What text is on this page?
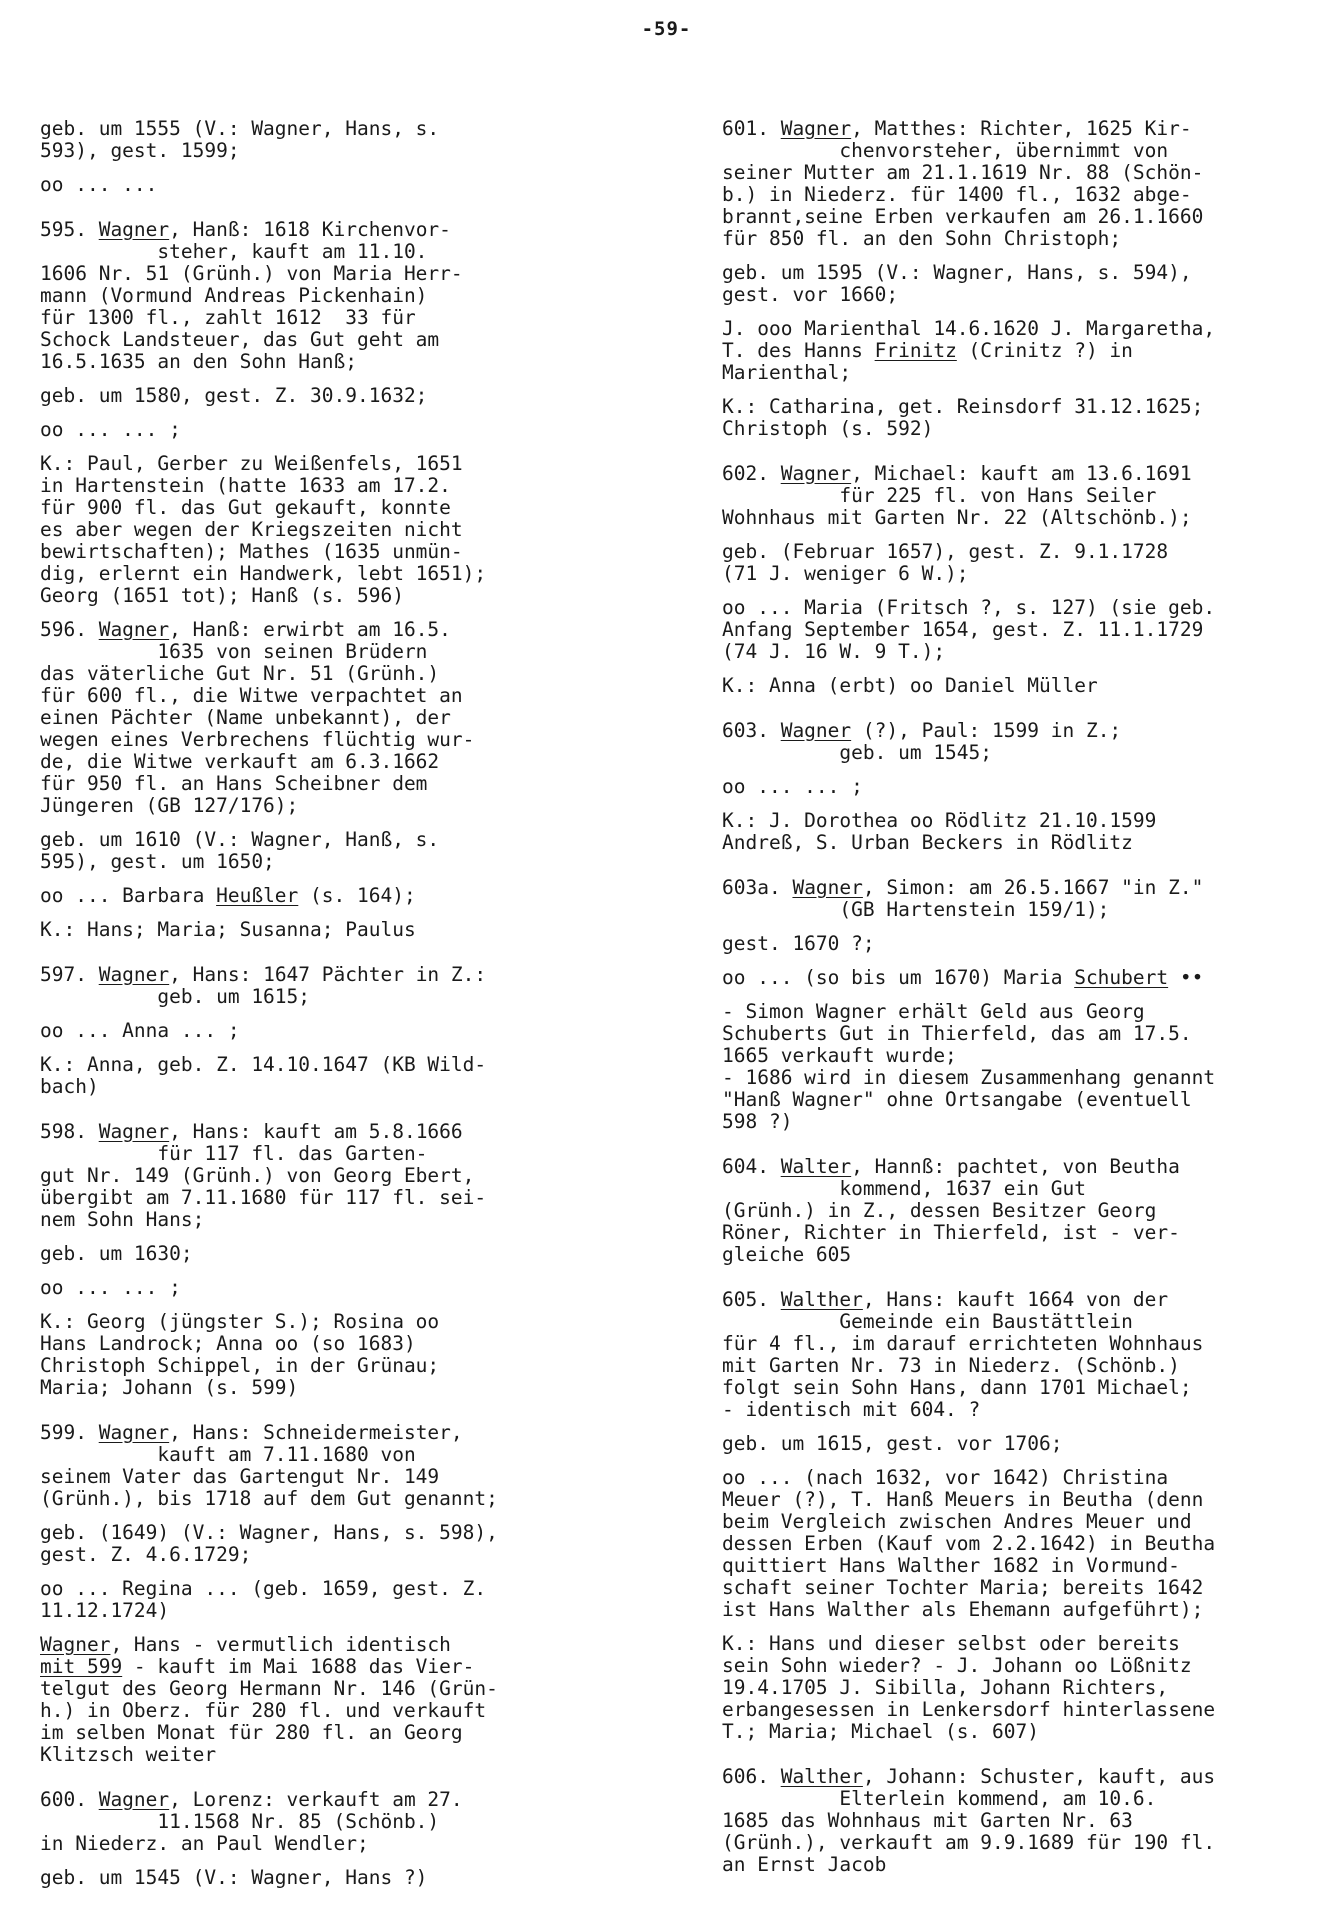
-59-
geb. um 1555 (V.: Wagner, Hans, s.
593), gest. 1599;
oo ... ...
595. Wagner, Hanß: 1618 Kirchenvor-
steher, kauft am 11.10.
1606 Nr. 51 (Grünh.) von Maria Herr-
mann (Vormund Andreas Pickenhain)
für 1300 fl., zahlt 1612  33 für
Schock Landsteuer, das Gut geht am
16.5.1635 an den Sohn Hanß;
geb. um 1580, gest. Z. 30.9.1632;
oo ... ... ;
K.: Paul, Gerber zu Weißenfels, 1651
in Hartenstein (hatte 1633 am 17.2.
für 900 fl. das Gut gekauft, konnte
es aber wegen der Kriegszeiten nicht
bewirtschaften); Mathes (1635 unmün-
dig, erlernt ein Handwerk, lebt 1651);
Georg (1651 tot); Hanß (s. 596)
596. Wagner, Hanß: erwirbt am 16.5.
1635 von seinen Brüdern
das väterliche Gut Nr. 51 (Grünh.)
für 600 fl., die Witwe verpachtet an
einen Pächter (Name unbekannt), der
wegen eines Verbrechens flüchtig wur-
de, die Witwe verkauft am 6.3.1662
für 950 fl. an Hans Scheibner dem
Jüngeren (GB 127/176);
geb. um 1610 (V.: Wagner, Hanß, s.
595), gest. um 1650;
oo ... Barbara Heußler (s. 164);
K.: Hans; Maria; Susanna; Paulus
597. Wagner, Hans: 1647 Pächter in Z.:
geb. um 1615;
oo ... Anna ... ;
K.: Anna, geb. Z. 14.10.1647 (KB Wild-
bach)
598. Wagner, Hans: kauft am 5.8.1666
für 117 fl. das Garten-
gut Nr. 149 (Grünh.) von Georg Ebert,
übergibt am 7.11.1680 für 117 fl. sei-
nem Sohn Hans;
geb. um 1630;
oo ... ... ;
K.: Georg (jüngster S.); Rosina oo
Hans Landrock; Anna oo (so 1683)
Christoph Schippel, in der Grünau;
Maria; Johann (s. 599)
599. Wagner, Hans: Schneidermeister,
kauft am 7.11.1680 von
seinem Vater das Gartengut Nr. 149
(Grünh.), bis 1718 auf dem Gut genannt;
geb. (1649) (V.: Wagner, Hans, s. 598),
gest. Z. 4.6.1729;
oo ... Regina ... (geb. 1659, gest. Z.
11.12.1724)
Wagner, Hans - vermutlich identisch
mit 599 - kauft im Mai 1688 das Vier-
telgut des Georg Hermann Nr. 146 (Grün-
h.) in Oberz. für 280 fl. und verkauft
im selben Monat für 280 fl. an Georg
Klitzsch weiter
600. Wagner, Lorenz: verkauft am 27.
11.1568 Nr. 85 (Schönb.)
in Niederz. an Paul Wendler;
geb. um 1545 (V.: Wagner, Hans ?)
601. Wagner, Matthes: Richter, 1625 Kir-
chenvorsteher, übernimmt von
seiner Mutter am 21.1.1619 Nr. 88 (Schön-
b.) in Niederz. für 1400 fl., 1632 abge-
brannt,seine Erben verkaufen am 26.1.1660
für 850 fl. an den Sohn Christoph;
geb. um 1595 (V.: Wagner, Hans, s. 594),
gest. vor 1660;
J. ooo Marienthal 14.6.1620 J. Margaretha,
T. des Hanns Frinitz (Crinitz ?) in
Marienthal;
K.: Catharina, get. Reinsdorf 31.12.1625;
Christoph (s. 592)
602. Wagner, Michael: kauft am 13.6.1691
für 225 fl. von Hans Seiler
Wohnhaus mit Garten Nr. 22 (Altschönb.);
geb. (Februar 1657), gest. Z. 9.1.1728
(71 J. weniger 6 W.);
oo ... Maria (Fritsch ?, s. 127) (sie geb.
Anfang September 1654, gest. Z. 11.1.1729
(74 J. 16 W. 9 T.);
K.: Anna (erbt) oo Daniel Müller
603. Wagner (?), Paul: 1599 in Z.;
geb. um 1545;
oo ... ... ;
K.: J. Dorothea oo Rödlitz 21.10.1599
Andreß, S. Urban Beckers in Rödlitz
603a. Wagner, Simon: am 26.5.1667 "in Z."
(GB Hartenstein 159/1);
gest. 1670 ?;
oo ... (so bis um 1670) Maria Schubert ••
- Simon Wagner erhält Geld aus Georg
Schuberts Gut in Thierfeld, das am 17.5.
1665 verkauft wurde;
- 1686 wird in diesem Zusammenhang genannt
"Hanß Wagner" ohne Ortsangabe (eventuell
598 ?)
604. Walter, Hannß: pachtet, von Beutha
kommend, 1637 ein Gut
(Grünh.) in Z., dessen Besitzer Georg
Röner, Richter in Thierfeld, ist - ver-
gleiche 605
605. Walther, Hans: kauft 1664 von der
Gemeinde ein Baustättlein
für 4 fl., im darauf errichteten Wohnhaus
mit Garten Nr. 73 in Niederz. (Schönb.)
folgt sein Sohn Hans, dann 1701 Michael;
- identisch mit 604. ?
geb. um 1615, gest. vor 1706;
oo ... (nach 1632, vor 1642) Christina
Meuer (?), T. Hanß Meuers in Beutha (denn
beim Vergleich zwischen Andres Meuer und
dessen Erben (Kauf vom 2.2.1642) in Beutha
quittiert Hans Walther 1682 in Vormund-
schaft seiner Tochter Maria; bereits 1642
ist Hans Walther als Ehemann aufgeführt);
K.: Hans und dieser selbst oder bereits
sein Sohn wieder? - J. Johann oo Lößnitz
19.4.1705 J. Sibilla, Johann Richters,
erbangesessen in Lenkersdorf hinterlassene
T.; Maria; Michael (s. 607)
606. Walther, Johann: Schuster, kauft, aus
Elterlein kommend, am 10.6.
1685 das Wohnhaus mit Garten Nr. 63
(Grünh.), verkauft am 9.9.1689 für 190 fl.
an Ernst Jacob
